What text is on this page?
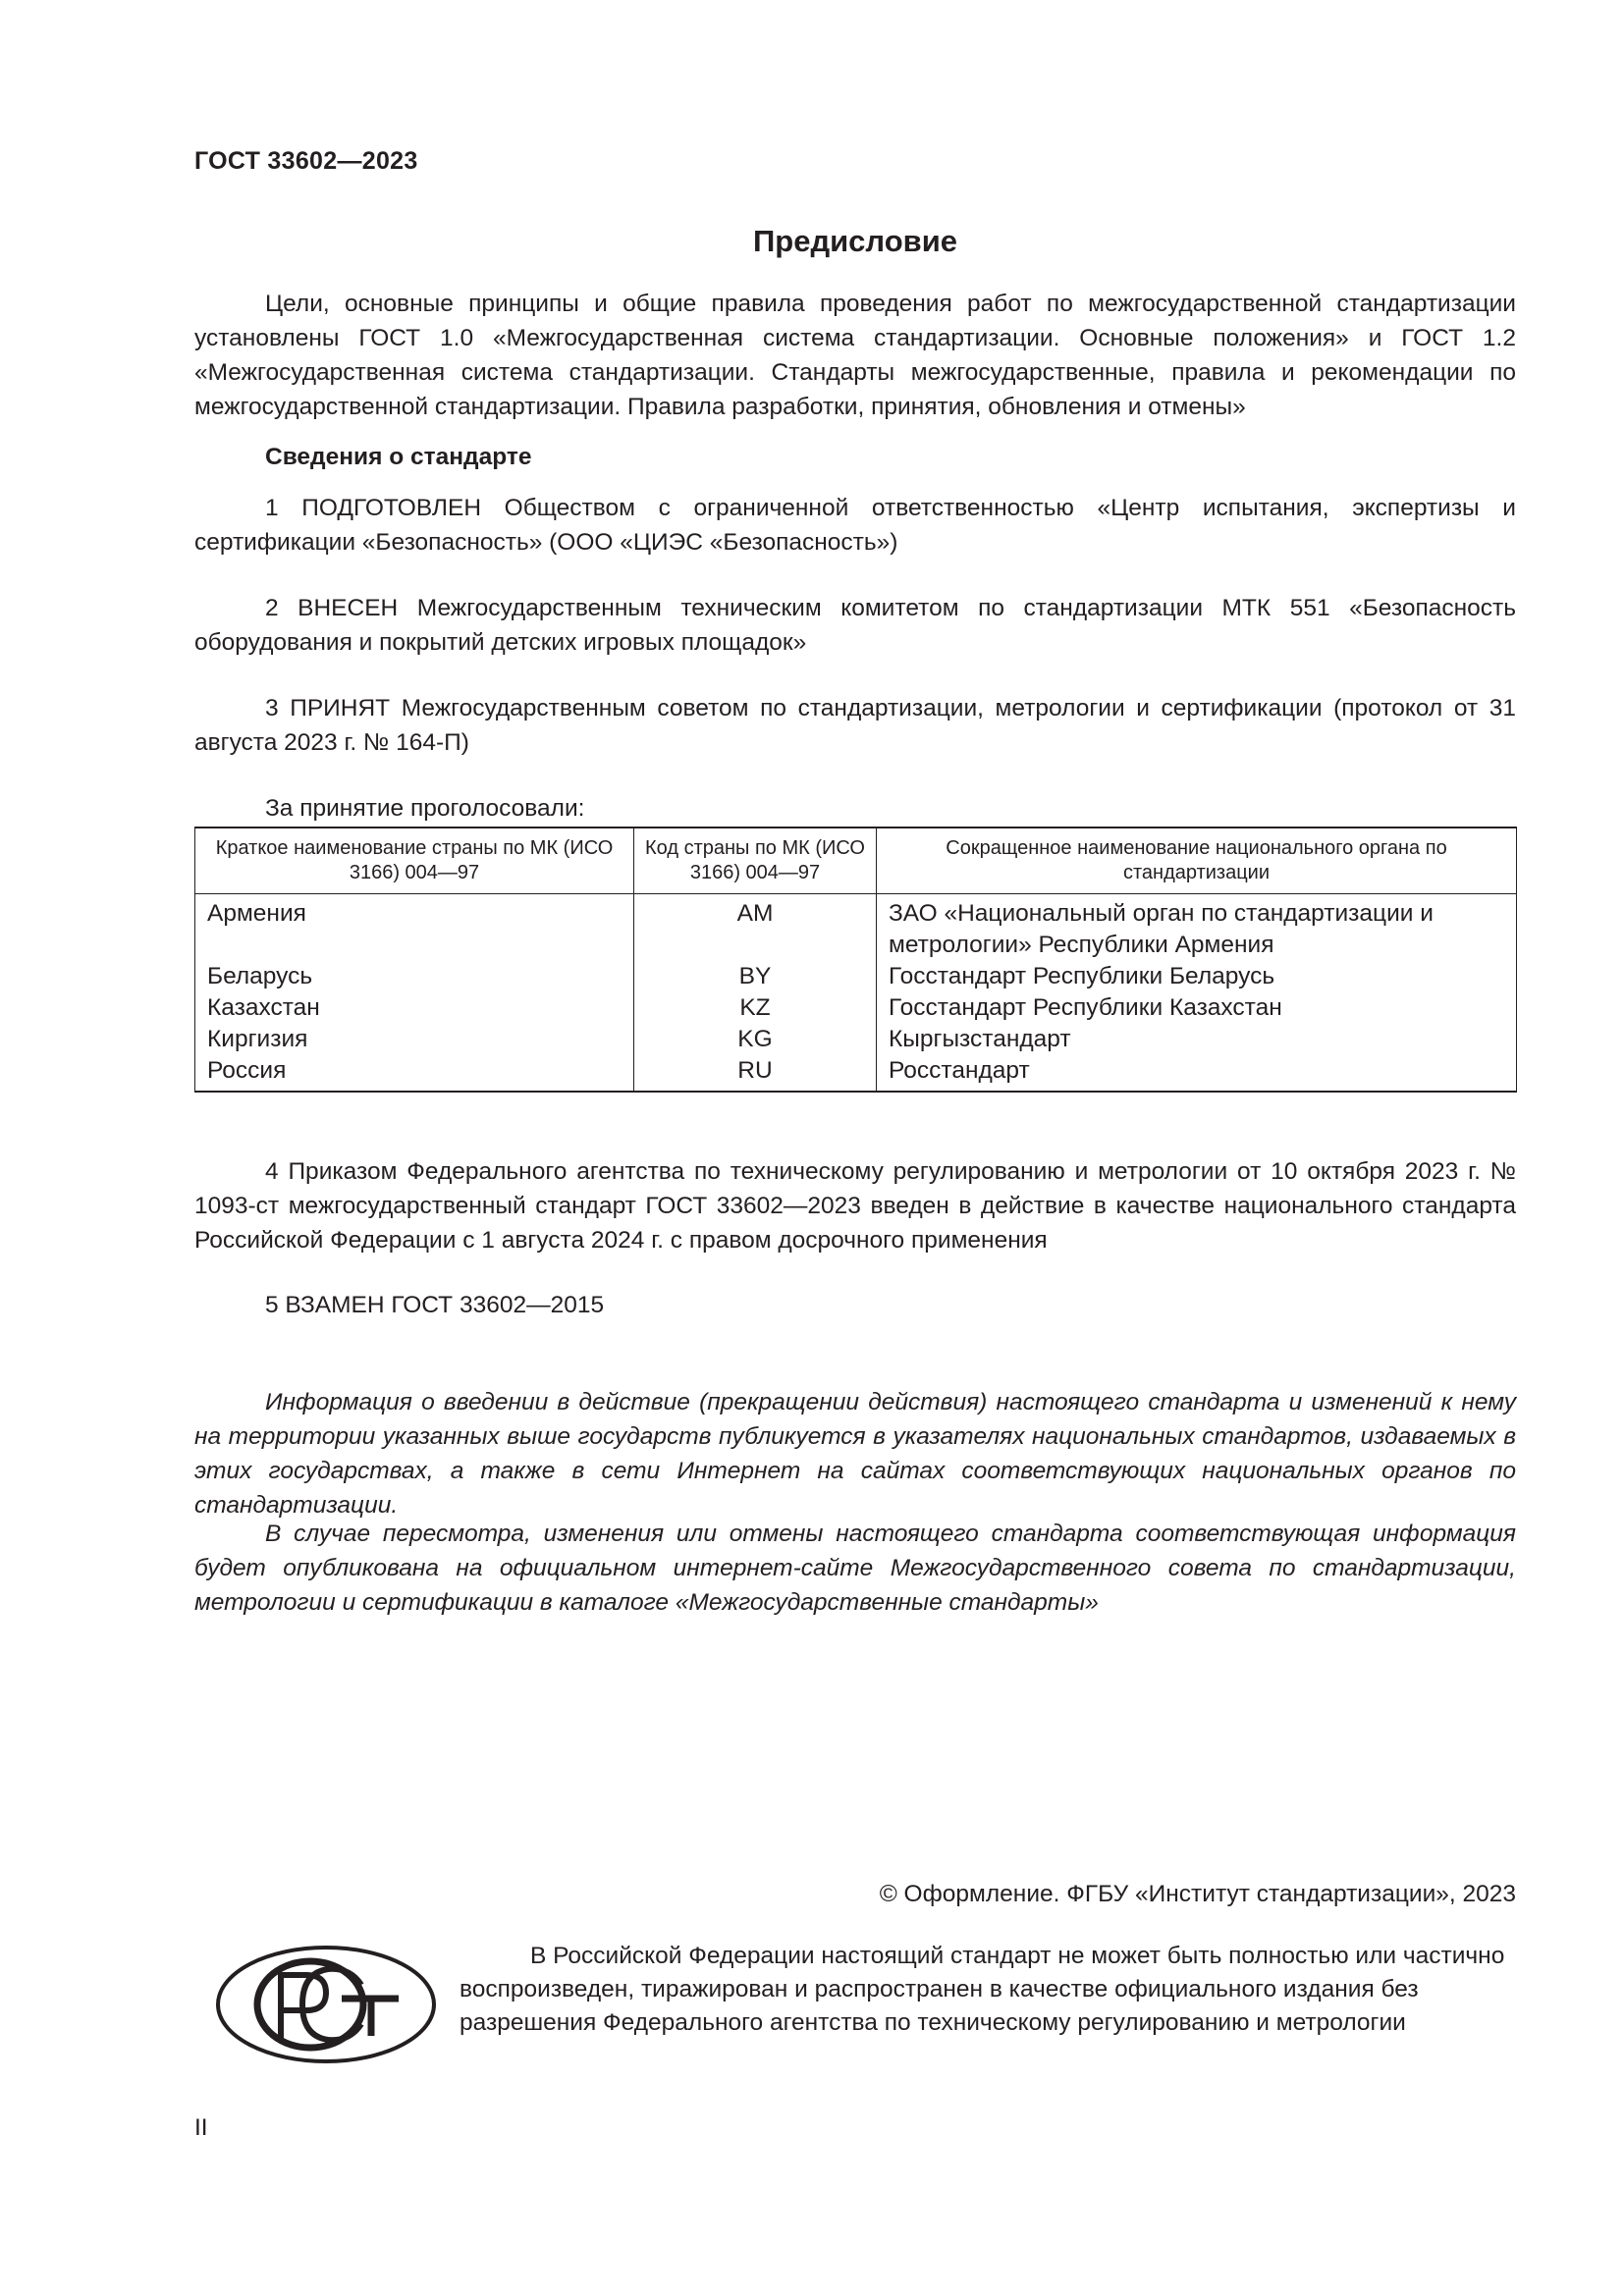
ГОСТ 33602—2023
Предисловие

Цели, основные принципы и общие правила проведения работ по межгосударственной стандартизации установлены ГОСТ 1.0 «Межгосударственная система стандартизации. Основные положения» и ГОСТ 1.2 «Межгосударственная система стандартизации. Стандарты межгосударственные, правила и рекомендации по межгосударственной стандартизации. Правила разработки, принятия, обновления и отмены»

Сведения о стандарте

1 ПОДГОТОВЛЕН Обществом с ограниченной ответственностью «Центр испытания, экспертизы и сертификации «Безопасность» (ООО «ЦИЭС «Безопасность»)

2 ВНЕСЕН Межгосударственным техническим комитетом по стандартизации МТК 551 «Безопасность оборудования и покрытий детских игровых площадок»

3 ПРИНЯТ Межгосударственным советом по стандартизации, метрологии и сертификации (протокол от 31 августа 2023 г. № 164-П)

За принятие проголосовали:

Краткое наименование страны по МК (ИСО 3166) 004—97	Код страны по МК (ИСО 3166) 004—97	Сокращенное наименование национального органа по стандартизации
Армения	AM	ЗАО «Национальный орган по стандартизации и метрологии» Республики Армения
Беларусь	BY	Госстандарт Республики Беларусь
Казахстан	KZ	Госстандарт Республики Казахстан
Киргизия	KG	Кыргызстандарт
Россия	RU	Росстандарт

4 Приказом Федерального агентства по техническому регулированию и метрологии от 10 октября 2023 г. № 1093-ст межгосударственный стандарт ГОСТ 33602—2023 введен в действие в качестве национального стандарта Российской Федерации с 1 августа 2024 г. с правом досрочного применения

5 ВЗАМЕН ГОСТ 33602—2015

Информация о введении в действие (прекращении действия) настоящего стандарта и изменений к нему на территории указанных выше государств публикуется в указателях национальных стандартов, издаваемых в этих государствах, а также в сети Интернет на сайтах соответствующих национальных органов по стандартизации.

В случае пересмотра, изменения или отмены настоящего стандарта соответствующая информация будет опубликована на официальном интернет-сайте Межгосударственного совета по стандартизации, метрологии и сертификации в каталоге «Межгосударственные стандарты»

© Оформление. ФГБУ «Институт стандартизации», 2023
РСТ

В Российской Федерации настоящий стандарт не может быть полностью или частично воспроизведен, тиражирован и распространен в качестве официального издания без разрешения Федерального агентства по техническому регулированию и метрологии

II
